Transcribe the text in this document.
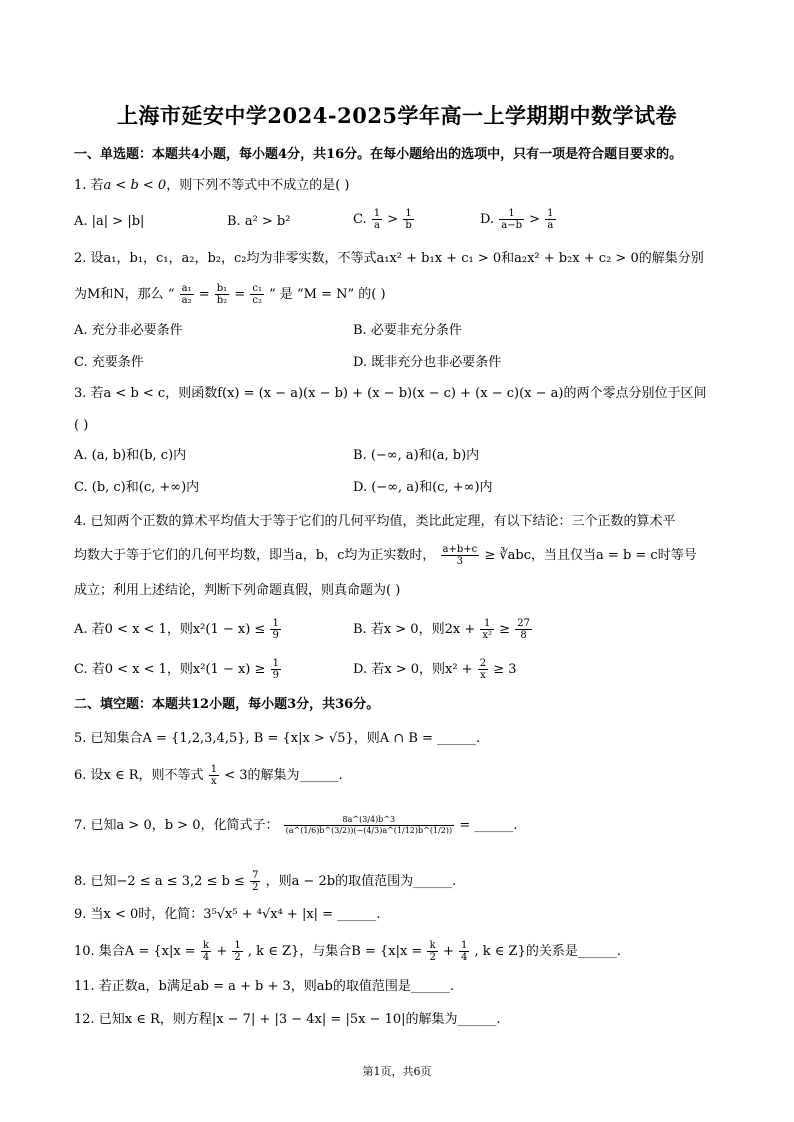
上海市延安中学2024-2025学年高一上学期期中数学试卷
一、单选题：本题共4小题，每小题4分，共16分。在每小题给出的选项中，只有一项是符合题目要求的。
1. 若a < b < 0，则下列不等式中不成立的是( )
A. |a| > |b|	B. a² > b²	C. $\frac{1}{a} > \frac{1}{b}$	D. $\frac{1}{a-b} > \frac{1}{a}$
2. 设a₁，b₁，c₁，a₂，b₂，c₂均为非零实数，不等式a₁x² + b₁x + c₁ > 0和a₂x² + b₂x + c₂ > 0的解集分别
为M和N，那么 “ $\frac{\text{a₁}}{\text{a₂}} = \frac{\text{b₁}}{\text{b₂}} = \frac{\text{c₁}}{\text{c₂}}$ ” 是 “M = N” 的( )
A. 充分非必要条件	B. 必要非充分条件
C. 充要条件	D. 既非充分也非必要条件
3. 若a < b < c，则函数f(x) = (x − a)(x − b) + (x − b)(x − c) + (x − c)(x − a)的两个零点分别位于区间
( )
A. (a, b)和(b, c)内	B. (−∞, a)和(a, b)内
C. (b, c)和(c, +∞)内	D. (−∞, a)和(c, +∞)内
4. 已知两个正数的算术平均值大于等于它们的几何平均值，类比此定理，有以下结论：三个正数的算术平
均数大于等于它们的几何平均数，即当a，b，c均为正实数时， $\frac{a+b+c}{3}$ ≥ ∛abc，当且仅当a = b = c时等号
成立；利用上述结论，判断下列命题真假，则真命题为( )
A. 若0 < x < 1，则$x^2(1 - x) \le \frac{1}{9}$	B. 若x > 0，则$2x + \frac{1}{\text{x²}} \ge \frac{27}{8}$
C. 若0 < x < 1，则$x^2(1 - x) \ge \frac{1}{9}$	D. 若x > 0，则$x^2 + \frac{2}{x} \ge 3$
二、填空题：本题共12小题，每小题3分，共36分。
5. 已知集合A = {1,2,3,4,5}, B = {x|x > √5}，则A ∩ B = ______.
6. 设x ∈ R，则不等式 $\frac{1}{x} < 3$的解集为______.
7. 已知a > 0，b > 0，化简式子： $\frac{8a\^{}(3/4)b\^{}3}{(a\^{}(1/6)b\^{}(3/2))(-(4/3)a\^{}(1/12)b\^{}(1/2))}$ = ______.
8. 已知$-2 \le a \le 3,2 \le b \le \frac{7}{2}$ ，则a − 2b的取值范围为______.
9. 当x < 0时，化简：3⁵√x⁵ + ⁴√x⁴ + |x| = ______.
10. 集合$A = \{x|x = \frac{k}{4} + \frac{1}{2}$ , k ∈ Z}，与集合$B = \{x|x = \frac{k}{2} + \frac{1}{4}$ , k ∈ Z}的关系是______.
11. 若正数a，b满足ab = a + b + 3，则ab的取值范围是______.
12. 已知x ∈ R，则方程|x − 7| + |3 − 4x| = |5x − 10|的解集为______.
第1页，共6页
